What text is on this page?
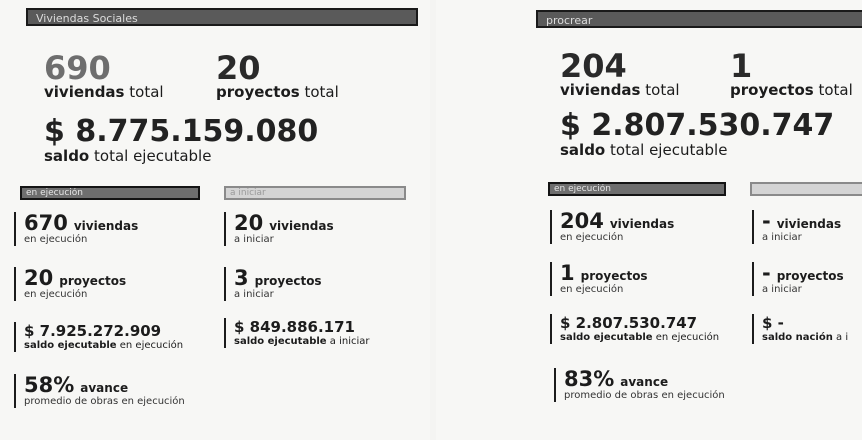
Viviendas Sociales
690
viviendas total
20
proyectos total
$ 8.775.159.080
saldo total ejecutable
en ejecución	a iniciar
670 viviendas
en ejecución
20 proyectos
en ejecución
$ 7.925.272.909
saldo ejecutable en ejecución
58% avance
promedio de obras en ejecución
20 viviendas
a iniciar
3 proyectos
a iniciar
$ 849.886.171
saldo ejecutable a iniciar
procrear
204
viviendas total
1
proyectos total
$ 2.807.530.747
saldo total ejecutable
en ejecución
204 viviendas
en ejecución
1 proyectos
en ejecución
$ 2.807.530.747
saldo ejecutable en ejecución
83% avance
promedio de obras en ejecución
- viviendas
a iniciar
- proyectos
a iniciar
$ -
saldo nación a i
